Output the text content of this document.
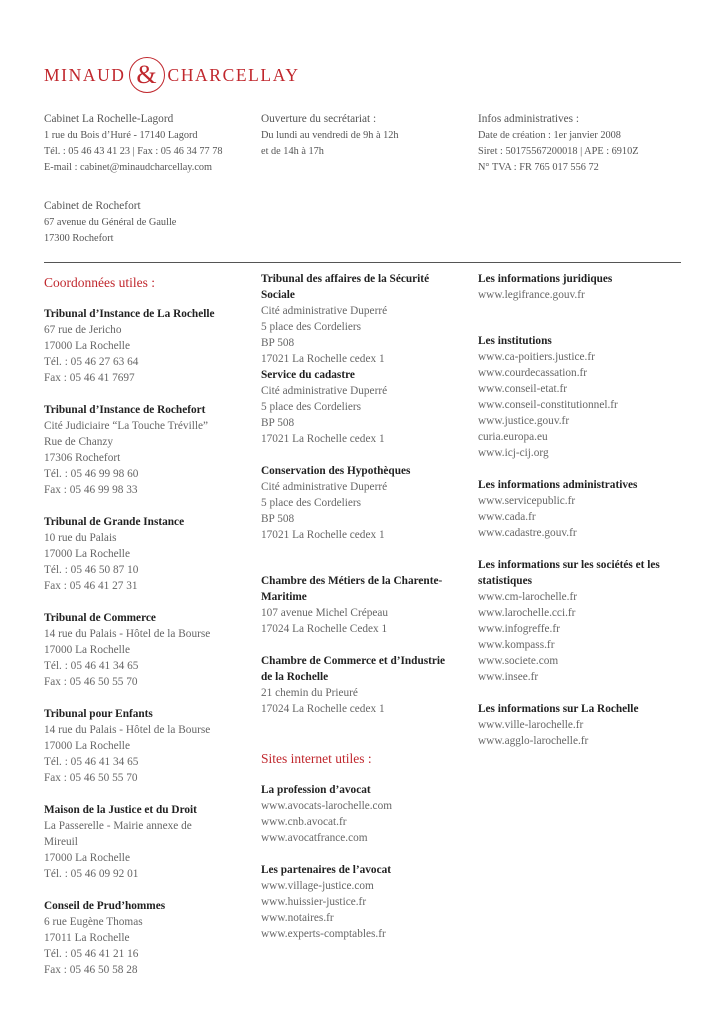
MINAUD & CHARCELLAY
Cabinet La Rochelle-Lagord
1 rue du Bois d’Huré - 17140 Lagord
Tél. : 05 46 43 41 23 | Fax : 05 46 34 77 78
E-mail : cabinet@minaudcharcellay.com
Cabinet de Rochefort
67 avenue du Général de Gaulle
17300 Rochefort
Ouverture du secrétariat :
Du lundi au vendredi de 9h à 12h
et de 14h à 17h
Infos administratives :
Date de création : 1er janvier 2008
Siret : 50175567200018 | APE : 6910Z
N° TVA : FR 765 017 556 72
Coordonnées utiles :
Tribunal d’Instance de La Rochelle
67 rue de Jericho
17000 La Rochelle
Tél. : 05 46 27 63 64
Fax : 05 46 41 7697
Tribunal d’Instance de Rochefort
Cité Judiciaire “La Touche Tréville”
Rue de Chanzy
17306 Rochefort
Tél. : 05 46 99 98 60
Fax : 05 46 99 98 33
Tribunal de Grande Instance
10 rue du Palais
17000 La Rochelle
Tél. : 05 46 50 87 10
Fax : 05 46 41 27 31
Tribunal de Commerce
14 rue du Palais - Hôtel de la Bourse
17000 La Rochelle
Tél. : 05 46 41 34 65
Fax : 05 46 50 55 70
Tribunal pour Enfants
14 rue du Palais - Hôtel de la Bourse
17000 La Rochelle
Tél. : 05 46 41 34 65
Fax : 05 46 50 55 70
Maison de la Justice et du Droit
La Passerelle - Mairie annexe de
Mireuil
17000 La Rochelle
Tél. : 05 46 09 92 01
Conseil de Prud’hommes
6 rue Eugène Thomas
17011 La Rochelle
Tél. : 05 46 41 21 16
Fax : 05 46 50 58 28
Tribunal des affaires de la Sécurité
Sociale
Cité administrative Duperré
5 place des Cordeliers
BP 508
17021 La Rochelle cedex 1
Service du cadastre
Cité administrative Duperré
5 place des Cordeliers
BP 508
17021 La Rochelle cedex 1
Conservation des Hypothèques
Cité administrative Duperré
5 place des Cordeliers
BP 508
17021 La Rochelle cedex 1
Chambre des Métiers de la Charente-
Maritime
107 avenue Michel Crépeau
17024 La Rochelle Cedex 1
Chambre de Commerce et d’Industrie
de la Rochelle
21 chemin du Prieuré
17024 La Rochelle cedex 1
Sites internet utiles :
La profession d’avocat
www.avocats-larochelle.com
www.cnb.avocat.fr
www.avocatfrance.com
Les partenaires de l’avocat
www.village-justice.com
www.huissier-justice.fr
www.notaires.fr
www.experts-comptables.fr
Les informations juridiques
www.legifrance.gouv.fr
Les institutions
www.ca-poitiers.justice.fr
www.courdecassation.fr
www.conseil-etat.fr
www.conseil-constitutionnel.fr
www.justice.gouv.fr
curia.europa.eu
www.icj-cij.org
Les informations administratives
www.servicepublic.fr
www.cada.fr
www.cadastre.gouv.fr
Les informations sur les sociétés et les
statistiques
www.cm-larochelle.fr
www.larochelle.cci.fr
www.infogreffe.fr
www.kompass.fr
www.societe.com
www.insee.fr
Les informations sur La Rochelle
www.ville-larochelle.fr
www.agglo-larochelle.fr
